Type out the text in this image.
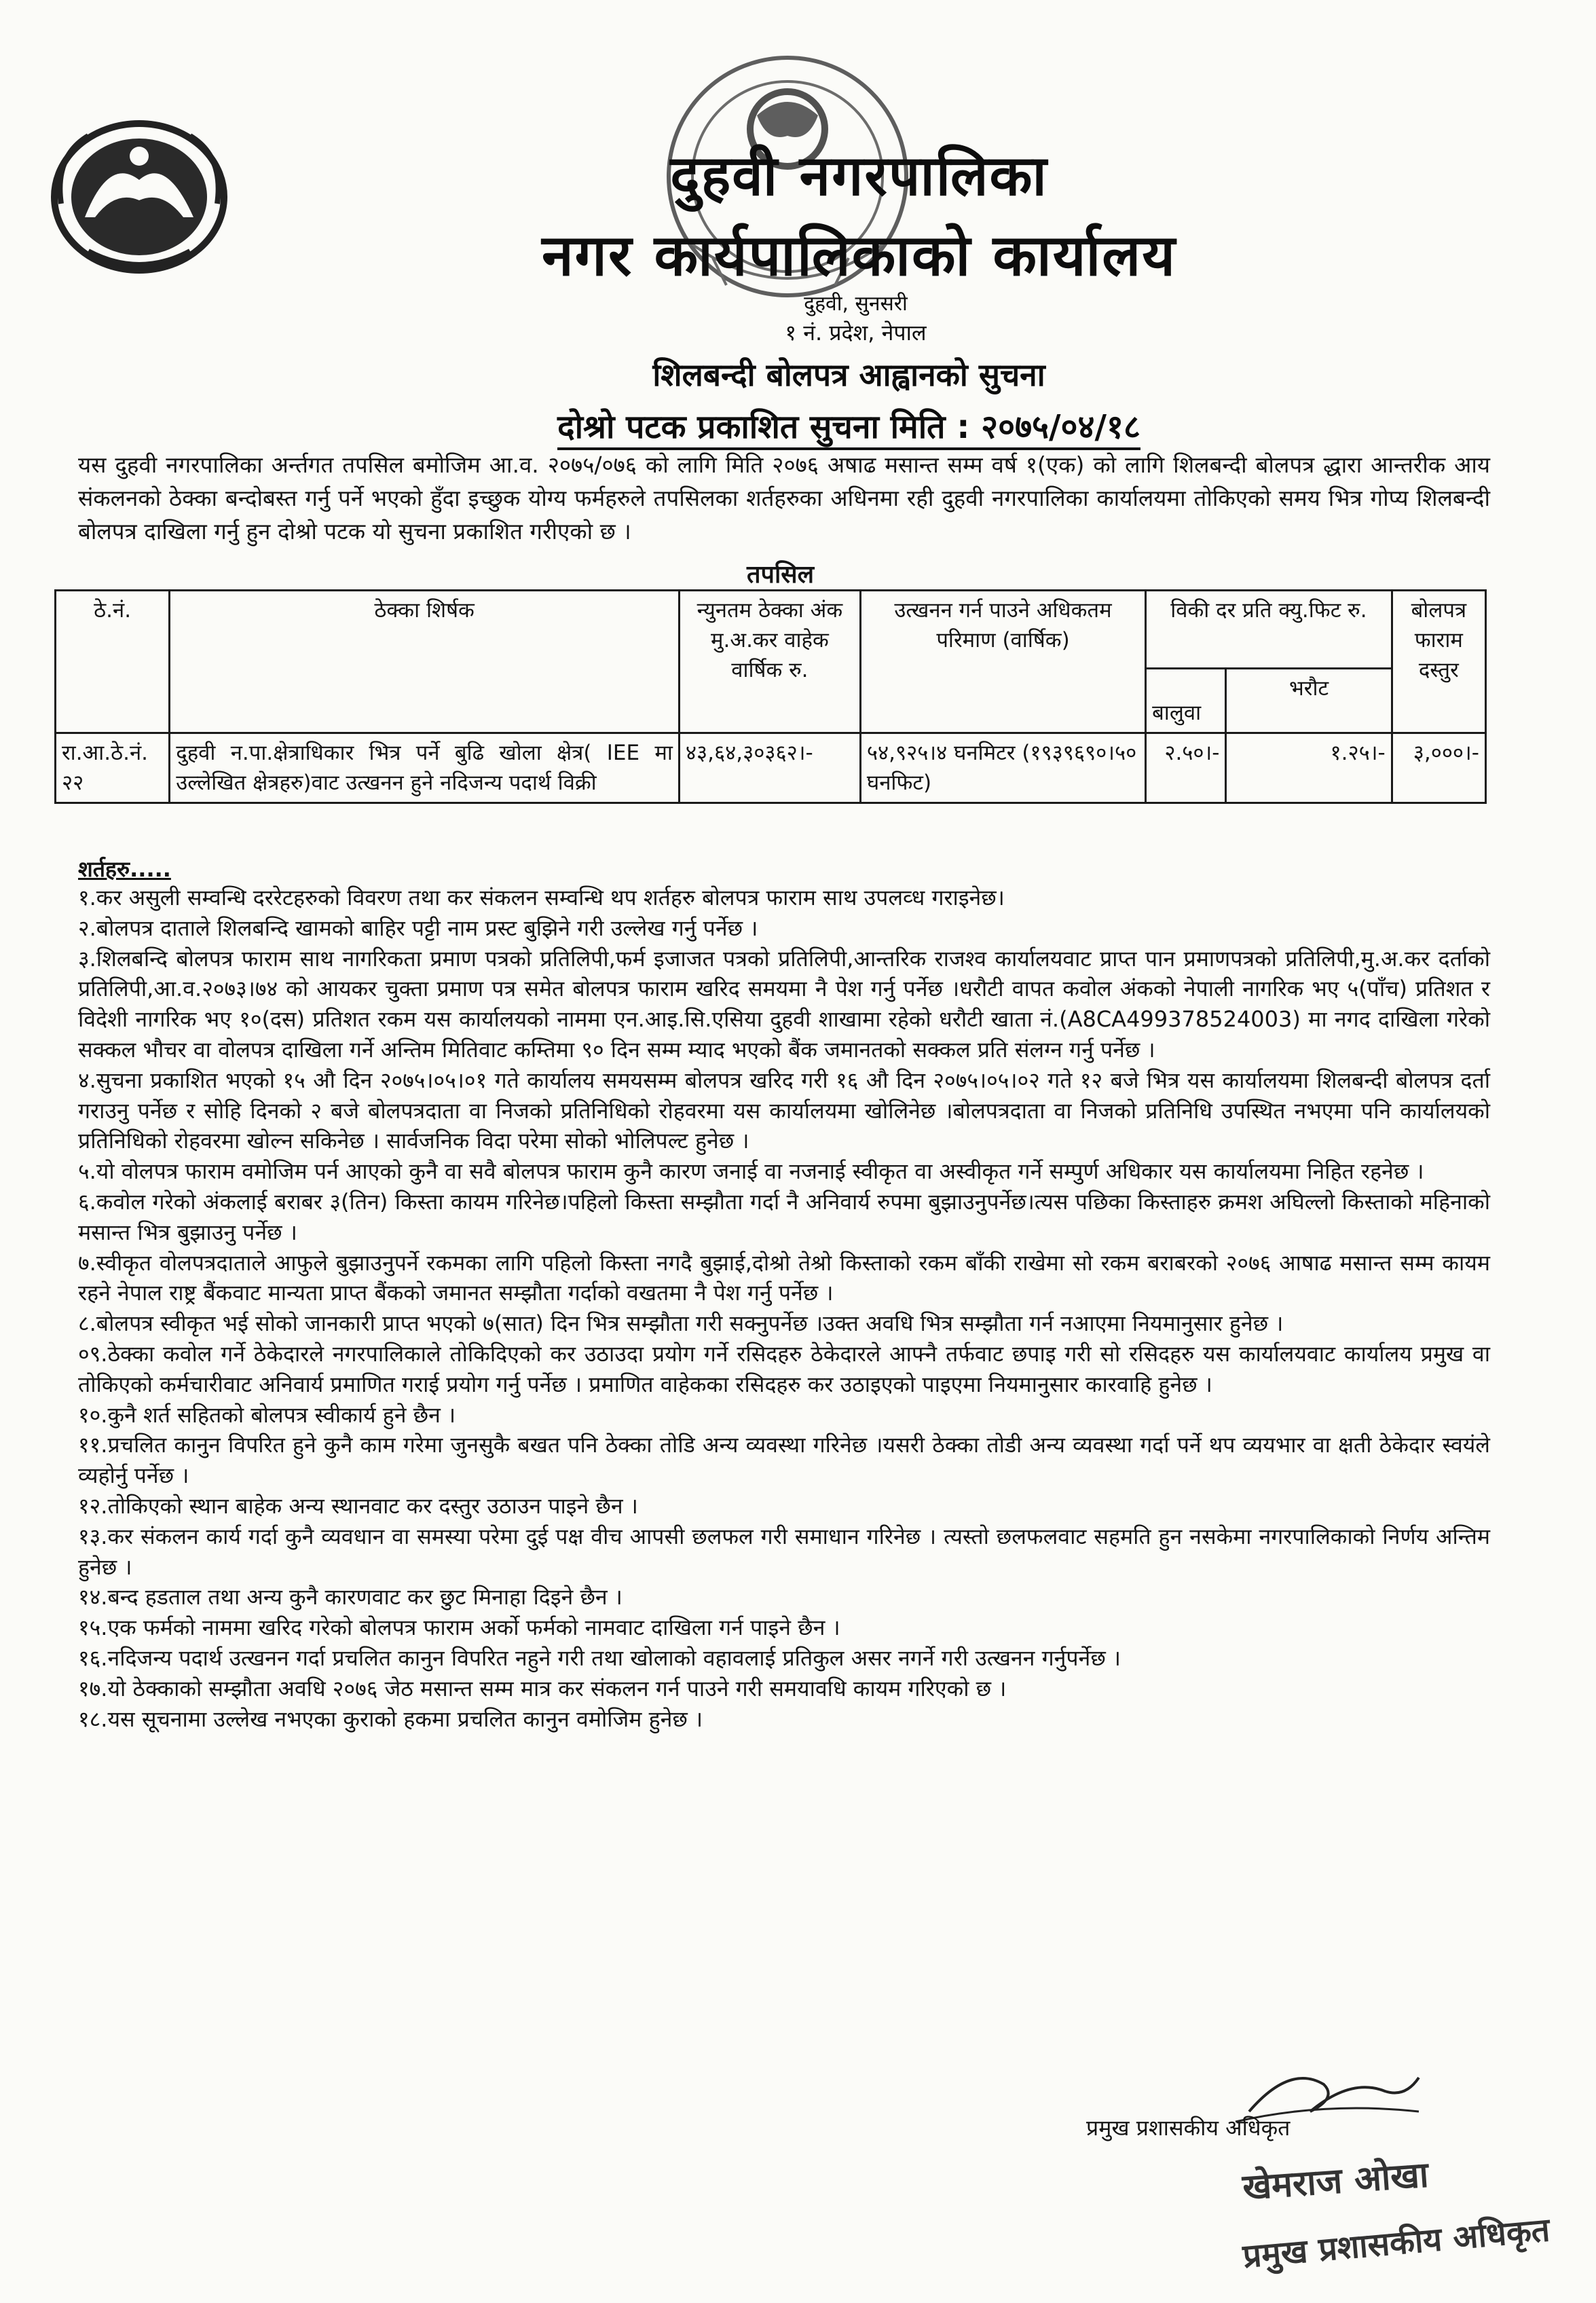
दुहवी नगरपालिका
नगर कार्यपालिकाको कार्यालय
दुहवी, सुनसरी
१ नं. प्रदेश, नेपाल
शिलबन्दी बोलपत्र आह्वानको सुचना
दोश्रो पटक प्रकाशित सुचना मिति : २०७५/०४/१८
यस दुहवी नगरपालिका अर्न्तगत तपसिल बमोजिम आ.व. २०७५/०७६ को लागि मिति २०७६ अषाढ मसान्त सम्म वर्ष १(एक) को लागि शिलबन्दी बोलपत्र द्धारा आन्तरीक आय संकलनको ठेक्का बन्दोबस्त गर्नु पर्ने भएको हुँदा इच्छुक योग्य फर्महरुले तपसिलका शर्तहरुका अधिनमा रही दुहवी नगरपालिका कार्यालयमा तोकिएको समय भित्र गोप्य शिलबन्दी बोलपत्र दाखिला गर्नु हुन दोश्रो पटक यो सुचना प्रकाशित गरीएको छ ।
तपसिल
ठे.नं.	ठेक्का शिर्षक	न्युनतम ठेक्का अंक मु.अ.कर वाहेक वार्षिक रु.	उत्खनन गर्न पाउने अधिकतम परिमाण (वार्षिक)	विकी दर प्रति क्यु.फिट रु.		बोलपत्र फाराम दस्तुर
				बालुवा	भरौट	
रा.आ.ठे.नं. २२	दुहवी न.पा.क्षेत्राधिकार भित्र पर्ने बुढि खोला क्षेत्र( IEE मा उल्लेखित क्षेत्रहरु)वाट उत्खनन हुने नदिजन्य पदार्थ विक्री	४३,६४,३०३६२।-	५४,९२५।४ घनमिटर (१९३९६९०।५० घनफिट)	२.५०।-	१.२५।-	३,०००।-
शर्तहरु.....

१.कर असुली सम्वन्धि दररेटहरुको विवरण तथा कर संकलन सम्वन्धि थप शर्तहरु बोलपत्र फाराम साथ उपलव्ध गराइनेछ।

२.बोलपत्र दाताले शिलबन्दि खामको बाहिर पट्टी नाम प्रस्ट बुझिने गरी उल्लेख गर्नु पर्नेछ ।

३.शिलबन्दि बोलपत्र फाराम साथ नागरिकता प्रमाण पत्रको प्रतिलिपी,फर्म इजाजत पत्रको प्रतिलिपी,आन्तरिक राजश्व कार्यालयवाट प्राप्त पान प्रमाणपत्रको प्रतिलिपी,मु.अ.कर दर्ताको प्रतिलिपी,आ.व.२०७३।७४ को आयकर चुक्ता प्रमाण पत्र समेत बोलपत्र फाराम खरिद समयमा नै पेश गर्नु पर्नेछ ।धरौटी वापत कवोल अंकको नेपाली नागरिक भए ५(पाँच) प्रतिशत र विदेशी नागरिक भए १०(दस) प्रतिशत रकम यस कार्यालयको नाममा एन.आइ.सि.एसिया दुहवी शाखामा रहेको धरौटी खाता नं.(A8CA499378524003) मा नगद दाखिला गरेको सक्कल भौचर वा वोलपत्र दाखिला गर्ने अन्तिम मितिवाट कम्तिमा ९० दिन सम्म म्याद भएको बैंक जमानतको सक्कल प्रति संलग्न गर्नु पर्नेछ ।

४.सुचना प्रकाशित भएको १५ औ दिन २०७५।०५।०१ गते कार्यालय समयसम्म बोलपत्र खरिद गरी १६ औ दिन २०७५।०५।०२ गते १२ बजे भित्र यस कार्यालयमा शिलबन्दी बोलपत्र दर्ता गराउनु पर्नेछ र सोहि दिनको २ बजे बोलपत्रदाता वा निजको प्रतिनिधिको रोहवरमा यस कार्यालयमा खोलिनेछ ।बोलपत्रदाता वा निजको प्रतिनिधि उपस्थित नभएमा पनि कार्यालयको प्रतिनिधिको रोहवरमा खोल्न सकिनेछ । सार्वजनिक विदा परेमा सोको भोलिपल्ट हुनेछ ।

५.यो वोलपत्र फाराम वमोजिम पर्न आएको कुनै वा सवै बोलपत्र फाराम कुनै कारण जनाई वा नजनाई स्वीकृत वा अस्वीकृत गर्ने सम्पुर्ण अधिकार यस कार्यालयमा निहित रहनेछ ।

६.कवोल गरेको अंकलाई बराबर ३(तिन) किस्ता कायम गरिनेछ।पहिलो किस्ता सम्झौता गर्दा नै अनिवार्य रुपमा बुझाउनुपर्नेछ।त्यस पछिका किस्ताहरु क्रमश अघिल्लो किस्ताको महिनाको मसान्त भित्र बुझाउनु पर्नेछ ।

७.स्वीकृत वोलपत्रदाताले आफुले बुझाउनुपर्ने रकमका लागि पहिलो किस्ता नगदै बुझाई,दोश्रो तेश्रो किस्ताको रकम बाँकी राखेमा सो रकम बराबरको २०७६ आषाढ मसान्त सम्म कायम रहने नेपाल राष्ट्र बैंकवाट मान्यता प्राप्त बैंकको जमानत सम्झौता गर्दाको वखतमा नै पेश गर्नु पर्नेछ ।

८.बोलपत्र स्वीकृत भई सोको जानकारी प्राप्त भएको ७(सात) दिन भित्र सम्झौता गरी सक्नुपर्नेछ ।उक्त अवधि भित्र सम्झौता गर्न नआएमा नियमानुसार हुनेछ ।

०९.ठेक्का कवोल गर्ने ठेकेदारले नगरपालिकाले तोकिदिएको कर उठाउदा प्रयोग गर्ने रसिदहरु ठेकेदारले आफ्नै तर्फवाट छपाइ गरी सो रसिदहरु यस कार्यालयवाट कार्यालय प्रमुख वा तोकिएको कर्मचारीवाट अनिवार्य प्रमाणित गराई प्रयोग गर्नु पर्नेछ । प्रमाणित वाहेकका रसिदहरु कर उठाइएको पाइएमा नियमानुसार कारवाहि हुनेछ ।

१०.कुनै शर्त सहितको बोलपत्र स्वीकार्य हुने छैन ।

११.प्रचलित कानुन विपरित हुने कुनै काम गरेमा जुनसुकै बखत पनि ठेक्का तोडि अन्य व्यवस्था गरिनेछ ।यसरी ठेक्का तोडी अन्य व्यवस्था गर्दा पर्ने थप व्ययभार वा क्षती ठेकेदार स्वयंले व्यहोर्नु पर्नेछ ।

१२.तोकिएको स्थान बाहेक अन्य स्थानवाट कर दस्तुर उठाउन पाइने छैन ।

१३.कर संकलन कार्य गर्दा कुनै व्यवधान वा समस्या परेमा दुई पक्ष वीच आपसी छलफल गरी समाधान गरिनेछ । त्यस्तो छलफलवाट सहमति हुन नसकेमा नगरपालिकाको निर्णय अन्तिम हुनेछ ।

१४.बन्द हडताल तथा अन्य कुनै कारणवाट कर छुट मिनाहा दिइने छैन ।

१५.एक फर्मको नाममा खरिद गरेको बोलपत्र फाराम अर्को फर्मको नामवाट दाखिला गर्न पाइने छैन ।

१६.नदिजन्य पदार्थ उत्खनन गर्दा प्रचलित कानुन विपरित नहुने गरी तथा खोलाको वहावलाई प्रतिकुल असर नगर्ने गरी उत्खनन गर्नुपर्नेछ ।

१७.यो ठेक्काको सम्झौता अवधि २०७६ जेठ मसान्त सम्म मात्र कर संकलन गर्न पाउने गरी समयावधि कायम गरिएको छ ।

१८.यस सूचनामा उल्लेख नभएका कुराको हकमा प्रचलित कानुन वमोजिम हुनेछ ।

प्रमुख प्रशासकीय अधिकृत
खेमराज ओखा
प्रमुख प्रशासकीय अधिकृत
